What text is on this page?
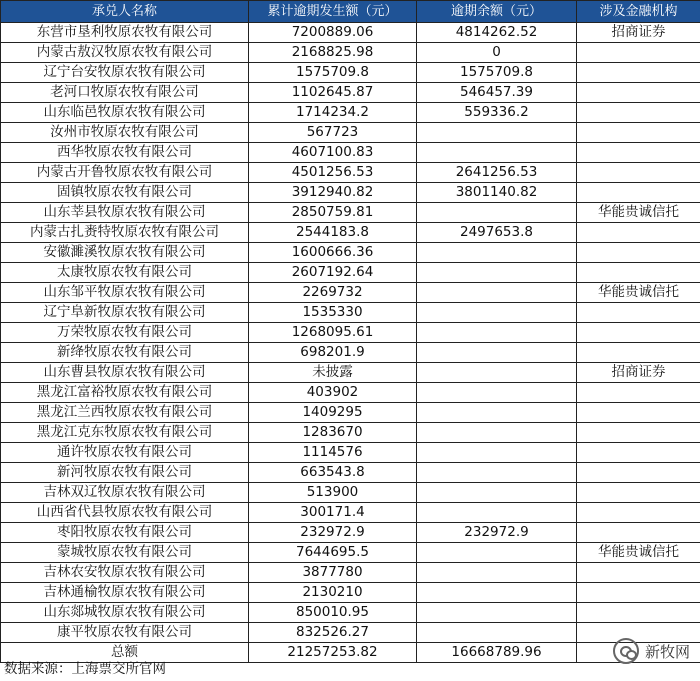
承兑人名称	累计逾期发生额（元）	逾期余额（元）	涉及金融机构
东营市垦利牧原农牧有限公司	7200889.06	4814262.52	招商证券
内蒙古敖汉牧原农牧有限公司	2168825.98	0	
辽宁台安牧原农牧有限公司	1575709.8	1575709.8	
老河口牧原农牧有限公司	1102645.87	546457.39	
山东临邑牧原农牧有限公司	1714234.2	559336.2	
汝州市牧原农牧有限公司	567723		
西华牧原农牧有限公司	4607100.83		
内蒙古开鲁牧原农牧有限公司	4501256.53	2641256.53	
固镇牧原农牧有限公司	3912940.82	3801140.82	
山东莘县牧原农牧有限公司	2850759.81		华能贵诚信托
内蒙古扎赉特牧原农牧有限公司	2544183.8	2497653.8	
安徽濉溪牧原农牧有限公司	1600666.36		
太康牧原农牧有限公司	2607192.64		
山东邹平牧原农牧有限公司	2269732		华能贵诚信托
辽宁阜新牧原农牧有限公司	1535330		
万荣牧原农牧有限公司	1268095.61		
新绛牧原农牧有限公司	698201.9		
山东曹县牧原农牧有限公司	未披露		招商证券
黑龙江富裕牧原农牧有限公司	403902		
黑龙江兰西牧原农牧有限公司	1409295		
黑龙江克东牧原农牧有限公司	1283670		
通许牧原农牧有限公司	1114576		
新河牧原农牧有限公司	663543.8		
吉林双辽牧原农牧有限公司	513900		
山西省代县牧原农牧有限公司	300171.4		
枣阳牧原农牧有限公司	232972.9	232972.9	
蒙城牧原农牧有限公司	7644695.5		华能贵诚信托
吉林农安牧原农牧有限公司	3877780		
吉林通榆牧原农牧有限公司	2130210		
山东郯城牧原农牧有限公司	850010.95		
康平牧原农牧有限公司	832526.27		
总额	21257253.82	16668789.96	
数据来源：上海票交所官网
新牧网
